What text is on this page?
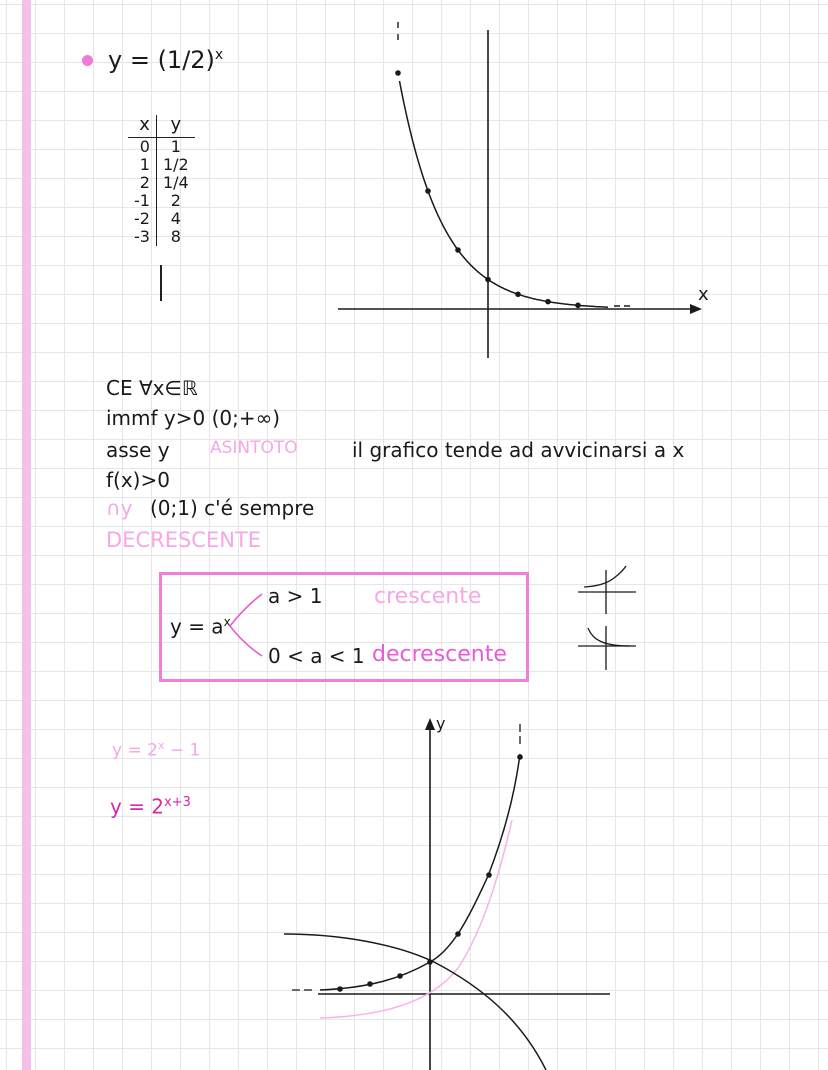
$y = (1/2)^x$
x	y
0	1
1	1/2
2	1/4
-1	2
-2	4
-3	8
x
CE ∀x∈ℝ
immf y>0 (0;+∞)
asse y ASINTOTO	il grafico tende ad avvicinarsi a x
f(x)>0
∩y (0;1) c'é sempre
DECRESCENTE
$y = a^x$
a > 1 crescente
0 < a < 1 decrescente
$y = 2^x - 1$
$y = 2^{x+3}$
y
